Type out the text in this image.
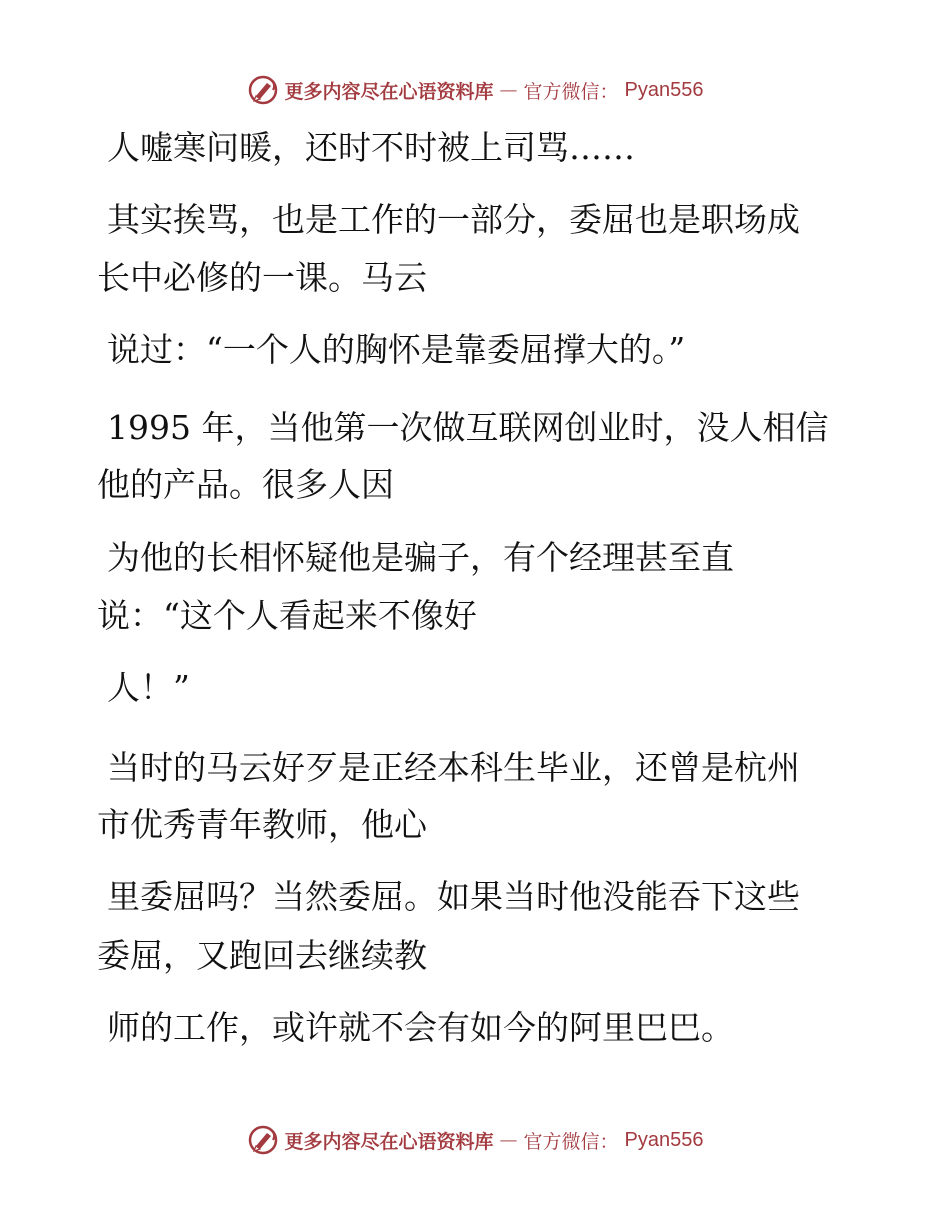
更多内容尽在心语资料库 — 官方微信： Pyan556
人嘘寒问暖，还时不时被上司骂……
其实挨骂，也是工作的一部分，委屈也是职场成
长中必修的一课。马云
说过：“一个人的胸怀是靠委屈撑大的。”
1995 年，当他第一次做互联网创业时，没人相信
他的产品。很多人因
为他的长相怀疑他是骗子，有个经理甚至直
说：“这个人看起来不像好
人！”
当时的马云好歹是正经本科生毕业，还曾是杭州
市优秀青年教师，他心
里委屈吗？当然委屈。如果当时他没能吞下这些
委屈，又跑回去继续教
师的工作，或许就不会有如今的阿里巴巴。
更多内容尽在心语资料库 — 官方微信： Pyan556
